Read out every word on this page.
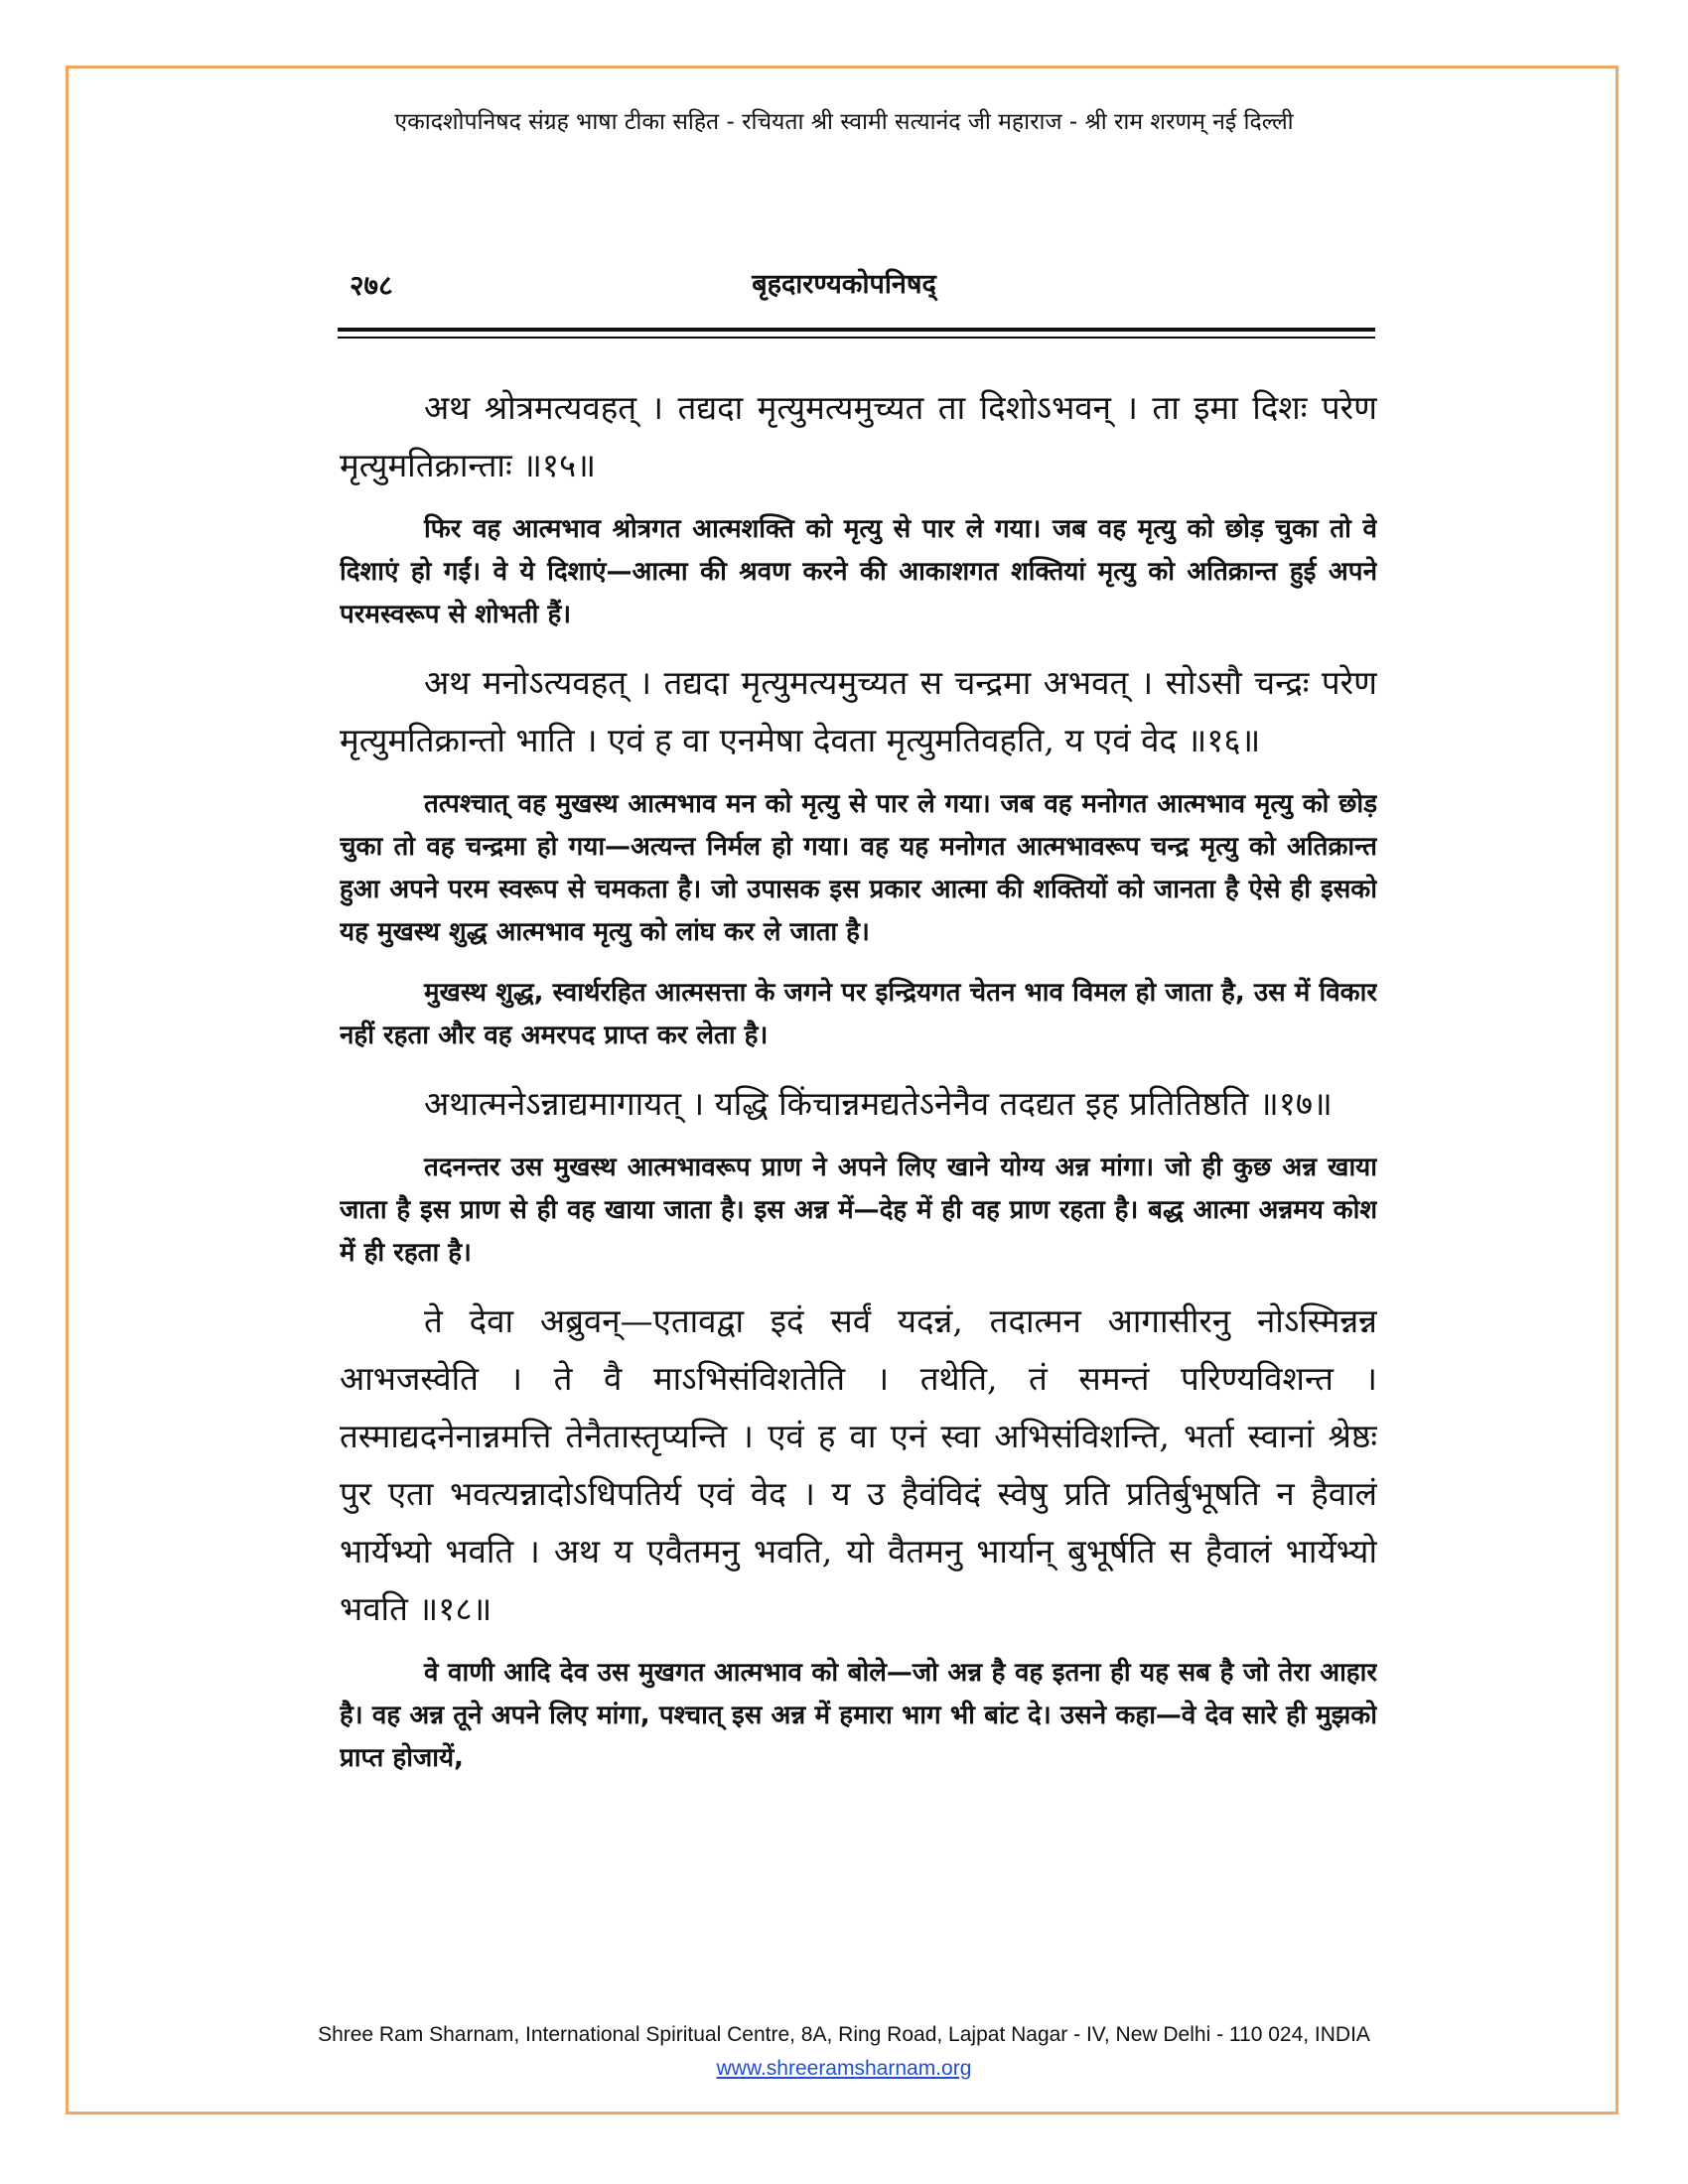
एकादशोपनिषद संग्रह भाषा टीका सहित - रचियता श्री स्वामी सत्यानंद जी महाराज - श्री राम शरणम् नई दिल्ली
२७८	बृहदारण्यकोपनिषद्

अथ श्रोत्रमत्यवहत् । तद्यदा मृत्युमत्यमुच्यत ता दिशोऽभवन् । ता इमा दिशः परेण मृत्युमतिक्रान्ताः ॥१५॥

फिर वह आत्मभाव श्रोत्रगत आत्मशक्ति को मृत्यु से पार ले गया। जब वह मृत्यु को छोड़ चुका तो वे दिशाएं हो गईं। वे ये दिशाएं—आत्मा की श्रवण करने की आकाशगत शक्तियां मृत्यु को अतिक्रान्त हुई अपने परमस्वरूप से शोभती हैं।

अथ मनोऽत्यवहत् । तद्यदा मृत्युमत्यमुच्यत स चन्द्रमा अभवत् । सोऽसौ चन्द्रः परेण मृत्युमतिक्रान्तो भाति । एवं ह वा एनमेषा देवता मृत्युमतिवहति, य एवं वेद ॥१६॥

तत्पश्चात् वह मुखस्थ आत्मभाव मन को मृत्यु से पार ले गया। जब वह मनोगत आत्मभाव मृत्यु को छोड़ चुका तो वह चन्द्रमा हो गया—अत्यन्त निर्मल हो गया। वह यह मनोगत आत्मभावरूप चन्द्र मृत्यु को अतिक्रान्त हुआ अपने परम स्वरूप से चमकता है। जो उपासक इस प्रकार आत्मा की शक्तियों को जानता है ऐसे ही इसको यह मुखस्थ शुद्ध आत्मभाव मृत्यु को लांघ कर ले जाता है।

मुखस्थ शुद्ध, स्वार्थरहित आत्मसत्ता के जगने पर इन्द्रियगत चेतन भाव विमल हो जाता है, उस में विकार नहीं रहता और वह अमरपद प्राप्त कर लेता है।

अथात्मनेऽन्नाद्यमागायत् । यद्धि किंचान्नमद्यतेऽनेनैव तदद्यत इह प्रतितिष्ठति ॥१७॥

तदनन्तर उस मुखस्थ आत्मभावरूप प्राण ने अपने लिए खाने योग्य अन्न मांगा। जो ही कुछ अन्न खाया जाता है इस प्राण से ही वह खाया जाता है। इस अन्न में—देह में ही वह प्राण रहता है। बद्ध आत्मा अन्नमय कोश में ही रहता है।

ते देवा अब्रुवन्—एतावद्वा इदं सर्वं यदन्नं, तदात्मन आगासीरनु नोऽस्मिन्नन्न आभजस्वेति । ते वै माऽभिसंविशतेति । तथेति, तं समन्तं परिण्यविशन्त । तस्माद्यदनेनान्नमत्ति तेनैतास्तृप्यन्ति । एवं ह वा एनं स्वा अभिसंविशन्ति, भर्ता स्वानां श्रेष्ठः पुर एता भवत्यन्नादोऽधिपतिर्य एवं वेद । य उ हैवंविदं स्वेषु प्रति प्रतिर्बुभूषति न हैवालं भार्येभ्यो भवति । अथ य एवैतमनु भवति, यो वैतमनु भार्यान् बुभूर्षति स हैवालं भार्येभ्यो भवति ॥१८॥

वे वाणी आदि देव उस मुखगत आत्मभाव को बोले—जो अन्न है वह इतना ही यह सब है जो तेरा आहार है। वह अन्न तूने अपने लिए मांगा, पश्चात् इस अन्न में हमारा भाग भी बांट दे। उसने कहा—वे देव सारे ही मुझको प्राप्त होजायें,

Shree Ram Sharnam, International Spiritual Centre, 8A, Ring Road, Lajpat Nagar - IV, New Delhi - 110 024, INDIA
www.shreeramsharnam.org
